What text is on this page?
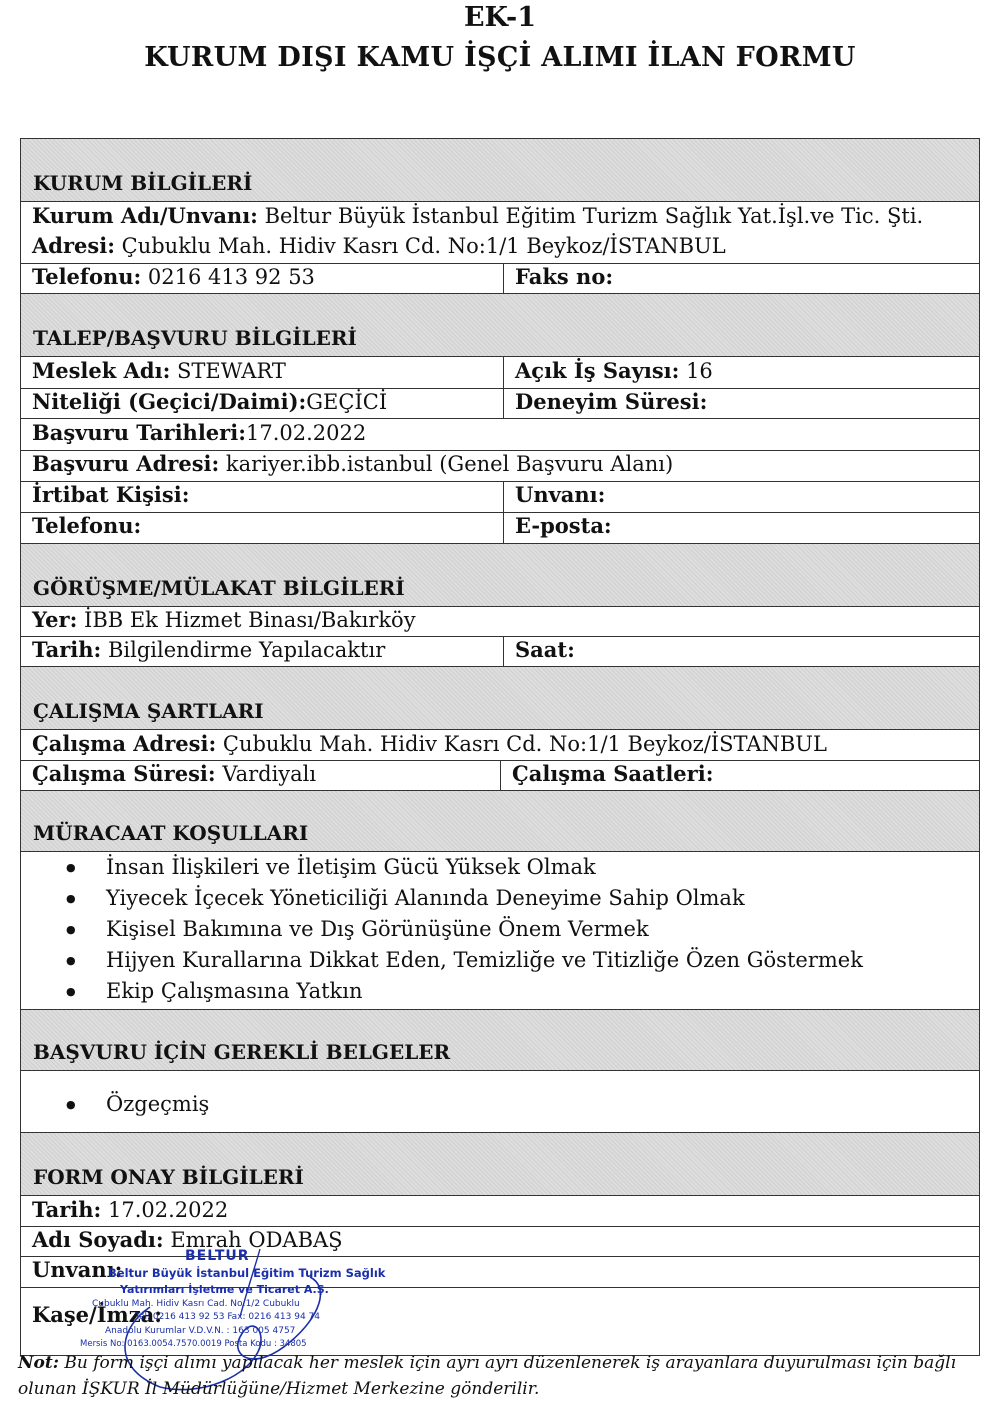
EK-1
KURUM DIŞI KAMU İŞÇİ ALIMI İLAN FORMU
KURUM BİLGİLERİ
Kurum Adı/Unvanı: Beltur Büyük İstanbul Eğitim Turizm Sağlık Yat.İşl.ve Tic. Şti.
Adresi: Çubuklu Mah. Hidiv Kasrı Cd. No:1/1 Beykoz/İSTANBUL
Telefonu: 0216 413 92 53	Faks no:
TALEP/BAŞVURU BİLGİLERİ
Meslek Adı: STEWART	Açık İş Sayısı: 16
Niteliği (Geçici/Daimi):GEÇİCİ	Deneyim Süresi:
Başvuru Tarihleri:17.02.2022
Başvuru Adresi: kariyer.ibb.istanbul (Genel Başvuru Alanı)
İrtibat Kişisi:	Unvanı:
Telefonu:	E-posta:
GÖRÜŞME/MÜLAKAT BİLGİLERİ
Yer: İBB Ek Hizmet Binası/Bakırköy
Tarih: Bilgilendirme Yapılacaktır	Saat:
ÇALIŞMA ŞARTLARI
Çalışma Adresi: Çubuklu Mah. Hidiv Kasrı Cd. No:1/1 Beykoz/İSTANBUL
Çalışma Süresi: Vardiyalı	Çalışma Saatleri:
MÜRACAAT KOŞULLARI
● İnsan İlişkileri ve İletişim Gücü Yüksek Olmak
● Yiyecek İçecek Yöneticiliği Alanında Deneyime Sahip Olmak
● Kişisel Bakımına ve Dış Görünüşüne Önem Vermek
● Hijyen Kurallarına Dikkat Eden, Temizliğe ve Titizliğe Özen Göstermek
● Ekip Çalışmasına Yatkın
BAŞVURU İÇİN GEREKLİ BELGELER
● Özgeçmiş
FORM ONAY BİLGİLERİ
Tarih: 17.02.2022
Adı Soyadı: Emrah ODABAŞ
Unvanı:
Kaşe/İmza:
BELTUR
Beltur Büyük İstanbul Eğitim Turizm Sağlık
Yatırımları İşletme ve Ticaret A.Ş.
Çubuklu Mah. Hidiv Kasrı Cad. No:1/2 Cubuklu
Tel: 0216 413 92 53 Fax: 0216 413 94 74
Anadolu Kurumlar V.D.V.N. : 163 005 4757
Mersis No: 0163.0054.7570.0019 Posta Kodu : 34805
Not: Bu form işçi alımı yapılacak her meslek için ayrı ayrı düzenlenerek iş arayanlara duyurulması için bağlı olunan İŞKUR İl Müdürlüğüne/Hizmet Merkezine gönderilir.
